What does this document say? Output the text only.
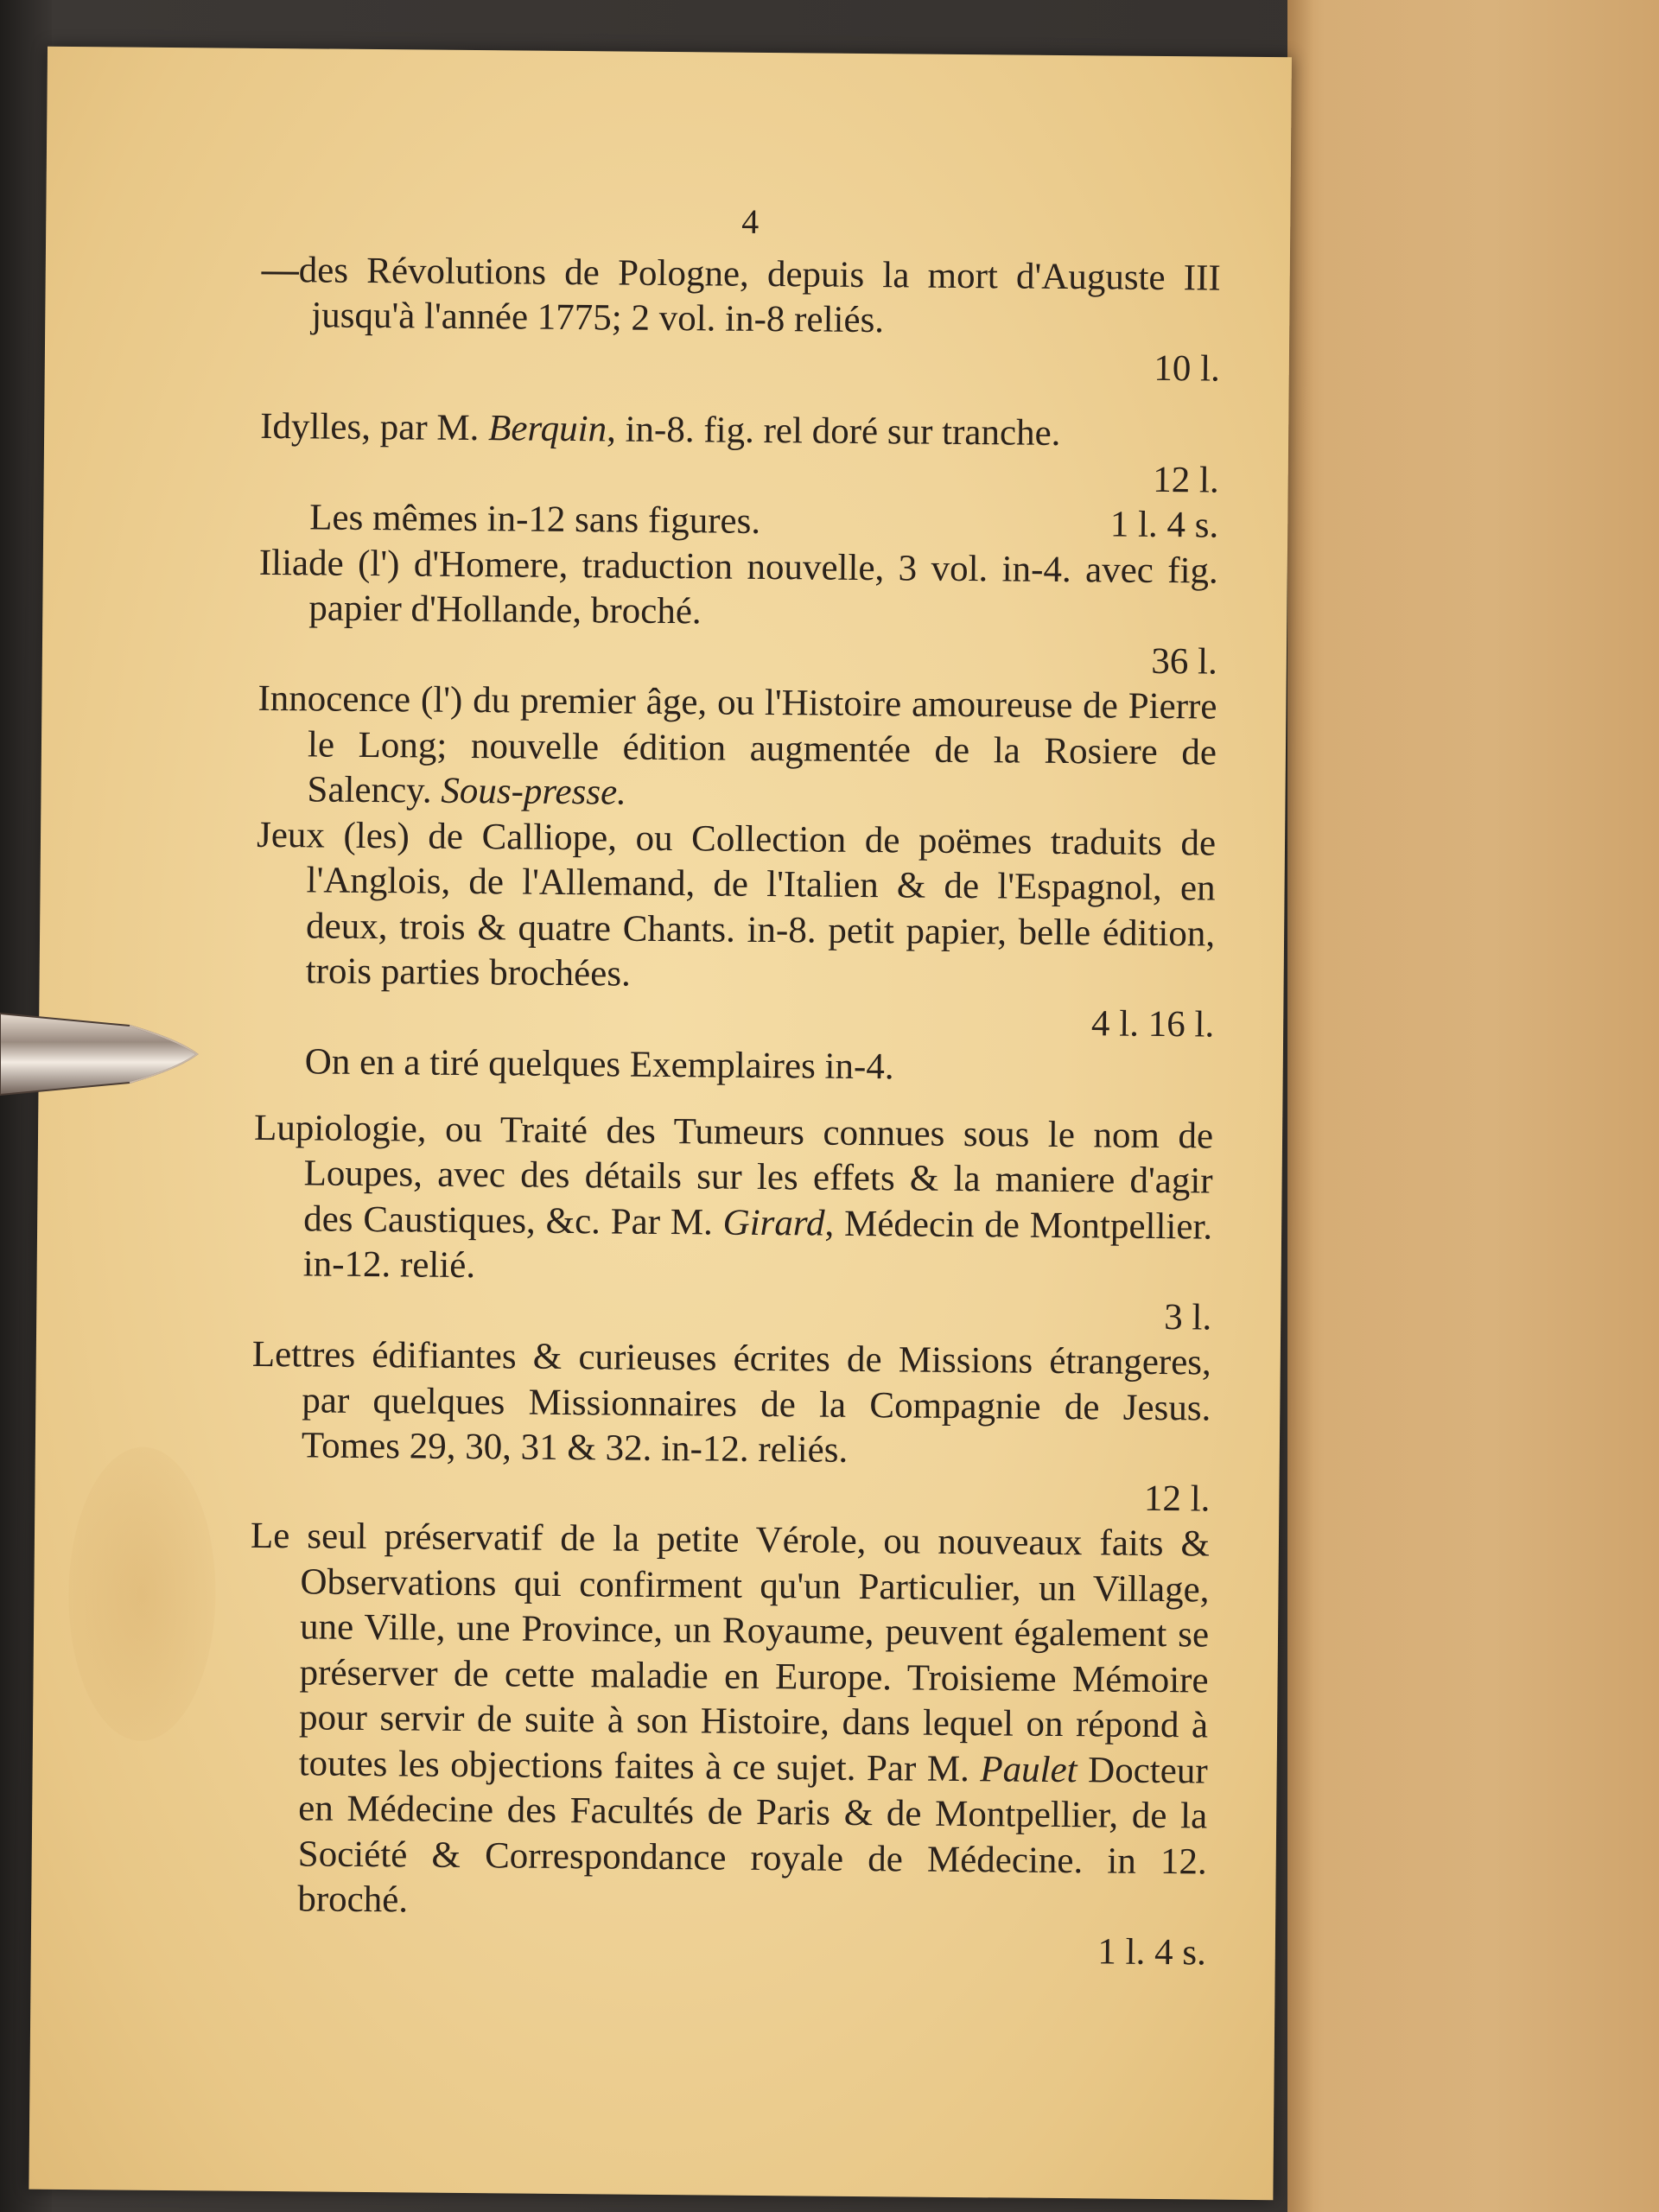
4
—des Révolutions de Pologne, depuis la mort d'Auguste III jusqu'à l'année 1775; 2 vol. in-8 reliés.
10 l.
Idylles, par M. Berquin, in-8. fig. rel doré sur tranche.
12 l.
Les mêmes in-12 sans figures.	1 l. 4 s.
Iliade (l') d'Homere, traduction nouvelle, 3 vol. in-4. avec fig. papier d'Hollande, broché.
36 l.
Innocence (l') du premier âge, ou l'Histoire amoureuse de Pierre le Long; nouvelle édition augmentée de la Rosiere de Salency. Sous-presse.
Jeux (les) de Calliope, ou Collection de poëmes traduits de l'Anglois, de l'Allemand, de l'Italien & de l'Espagnol, en deux, trois & quatre Chants. in-8. petit papier, belle édition, trois parties brochées.
4 l. 16 l.
On en a tiré quelques Exemplaires in-4.
Lupiologie, ou Traité des Tumeurs connues sous le nom de Loupes, avec des détails sur les effets & la maniere d'agir des Caustiques, &c. Par M. Girard, Médecin de Montpellier. in-12. relié.
3 l.
Lettres édifiantes & curieuses écrites de Missions étrangeres, par quelques Missionnaires de la Compagnie de Jesus. Tomes 29, 30, 31 & 32. in-12. reliés.
12 l.
Le seul préservatif de la petite Vérole, ou nouveaux faits & Observations qui confirment qu'un Particulier, un Village, une Ville, une Province, un Royaume, peuvent également se préserver de cette maladie en Europe. Troisieme Mémoire pour servir de suite à son Histoire, dans lequel on répond à toutes les objections faites à ce sujet. Par M. Paulet Docteur en Médecine des Facultés de Paris & de Montpellier, de la Société & Correspondance royale de Médecine. in 12. broché.
1 l. 4 s.
